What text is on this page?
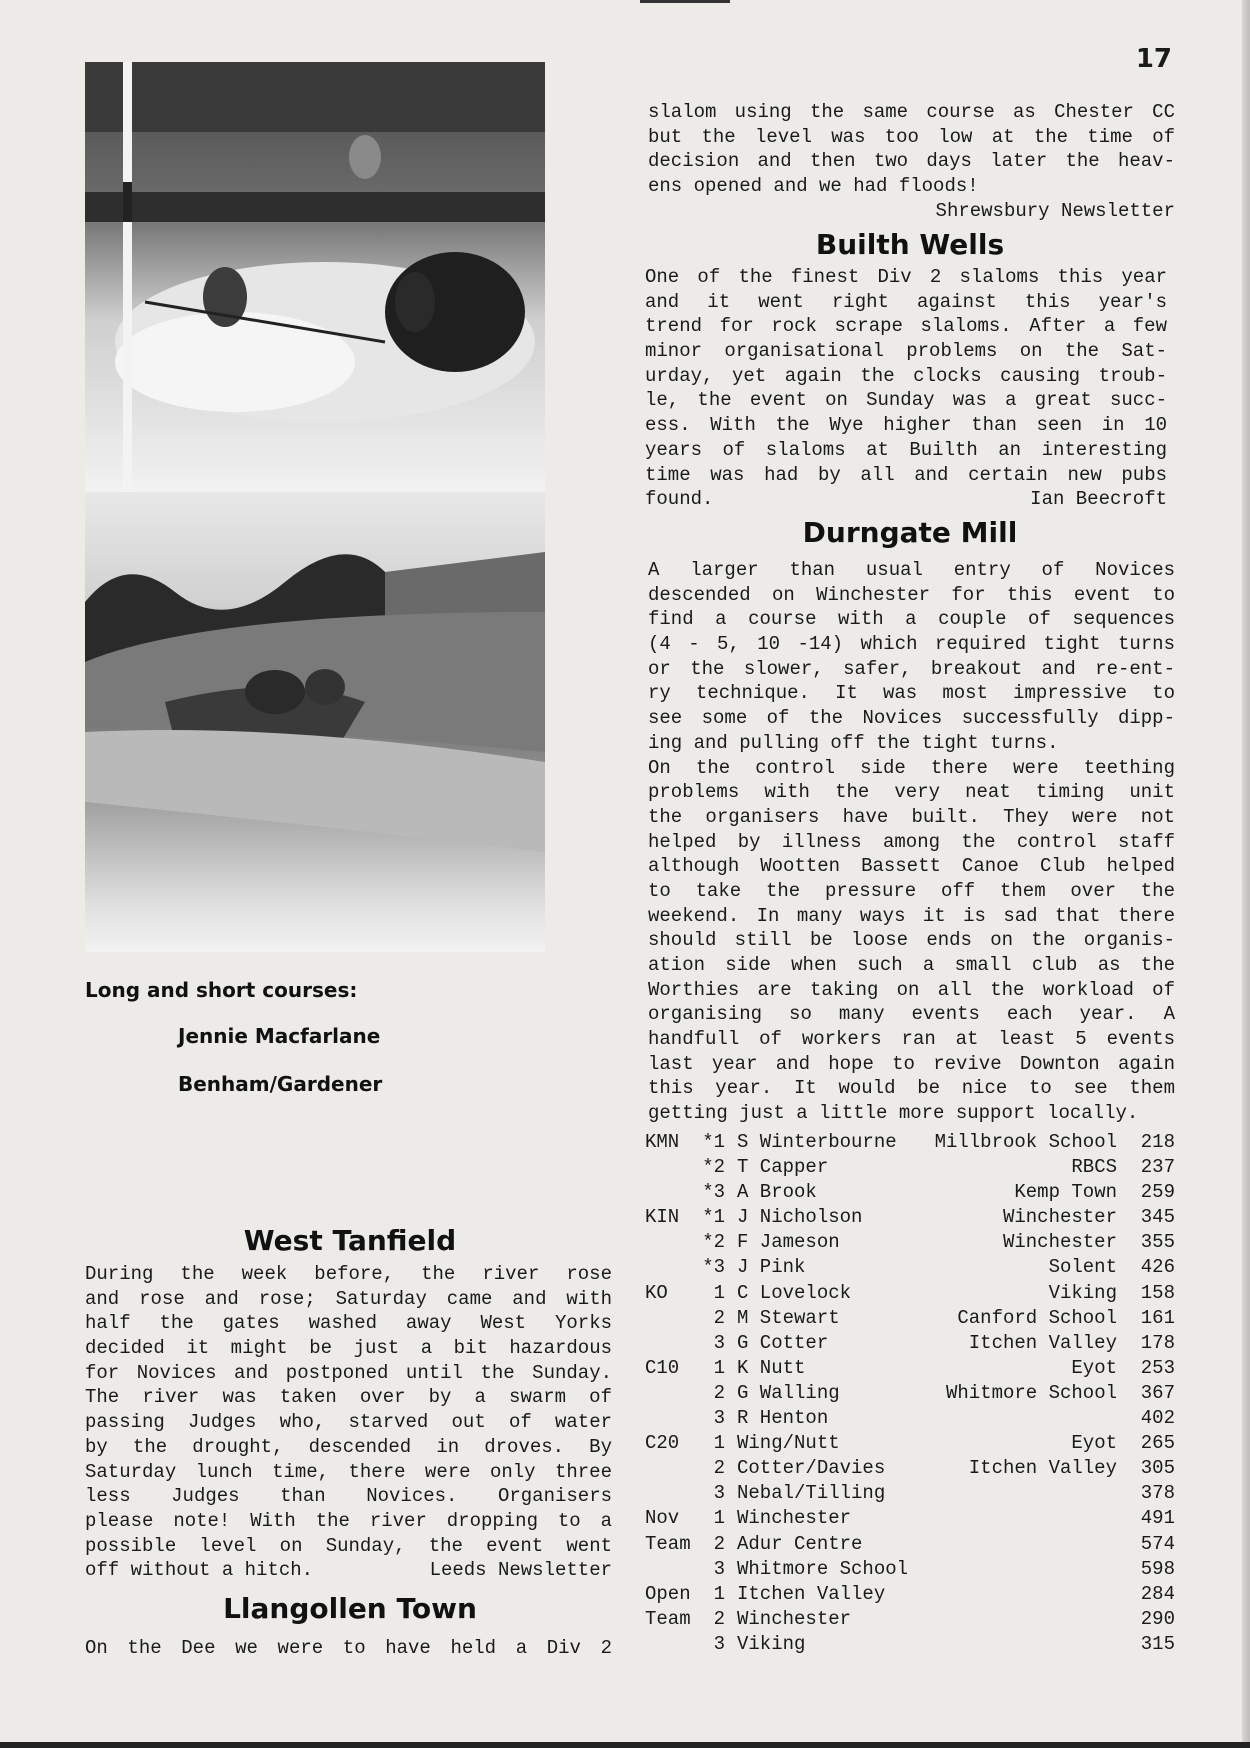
17
Long and short courses:
Jennie Macfarlane
Benham/Gardener
West Tanfield
During the week before, the river rose
and rose and rose; Saturday came and with
half the gates washed away West Yorks
decided it might be just a bit hazardous
for Novices and postponed until the Sunday.
The river was taken over by a swarm of
passing Judges who, starved out of water
by the drought, descended in droves. By
Saturday lunch time, there were only three
less Judges than Novices. Organisers
please note! With the river dropping to a
possible level on Sunday, the event went
off without a hitch.	Leeds Newsletter
Llangollen Town
On the Dee we were to have held a Div 2
slalom using the same course as Chester CC
but the level was too low at the time of
decision and then two days later the heav-
ens opened and we had floods!
Shrewsbury Newsletter
Builth Wells
One of the finest Div 2 slaloms this year
and it went right against this year's
trend for rock scrape slaloms. After a few
minor organisational problems on the Sat-
urday, yet again the clocks causing troub-
le, the event on Sunday was a great succ-
ess. With the Wye higher than seen in 10
years of slaloms at Builth an interesting
time was had by all and certain new pubs
found.	Ian Beecroft
Durngate Mill
A larger than usual entry of Novices
descended on Winchester for this event to
find a course with a couple of sequences
(4 - 5, 10 -14) which required tight turns
or the slower, safer, breakout and re-ent-
ry technique. It was most impressive to
see some of the Novices successfully dipp-
ing and pulling off the tight turns.
On the control side there were teething
problems with the very neat timing unit
the organisers have built. They were not
helped by illness among the control staff
although Wootten Bassett Canoe Club helped
to take the pressure off them over the
weekend. In many ways it is sad that there
should still be loose ends on the organis-
ation side when such a small club as the
Worthies are taking on all the workload of
organising so many events each year. A
handfull of workers ran at least 5 events
last year and hope to revive Downton again
this year. It would be nice to see them
getting just a little more support locally.
KMN	*1 S Winterbourne Millbrook School	218
*2 T Capper	RBCS	237
*3 A Brook	Kemp Town	259
KIN	*1 J Nicholson	Winchester	345
*2 F Jameson	Winchester	355
*3 J Pink	Solent	426
KO	1 C Lovelock	Viking	158
2 M Stewart	Canford School	161
3 G Cotter	Itchen Valley	178
C10	1 K Nutt	Eyot	253
2 G Walling	Whitmore School	367
3 R Henton	402
C20	1 Wing/Nutt	Eyot	265
2 Cotter/Davies	Itchen Valley	305
3 Nebal/Tilling	378
Nov	1 Winchester	491
Team	2 Adur Centre	574
3 Whitmore School	598
Open	1 Itchen Valley	284
Team	2 Winchester	290
3 Viking	315
